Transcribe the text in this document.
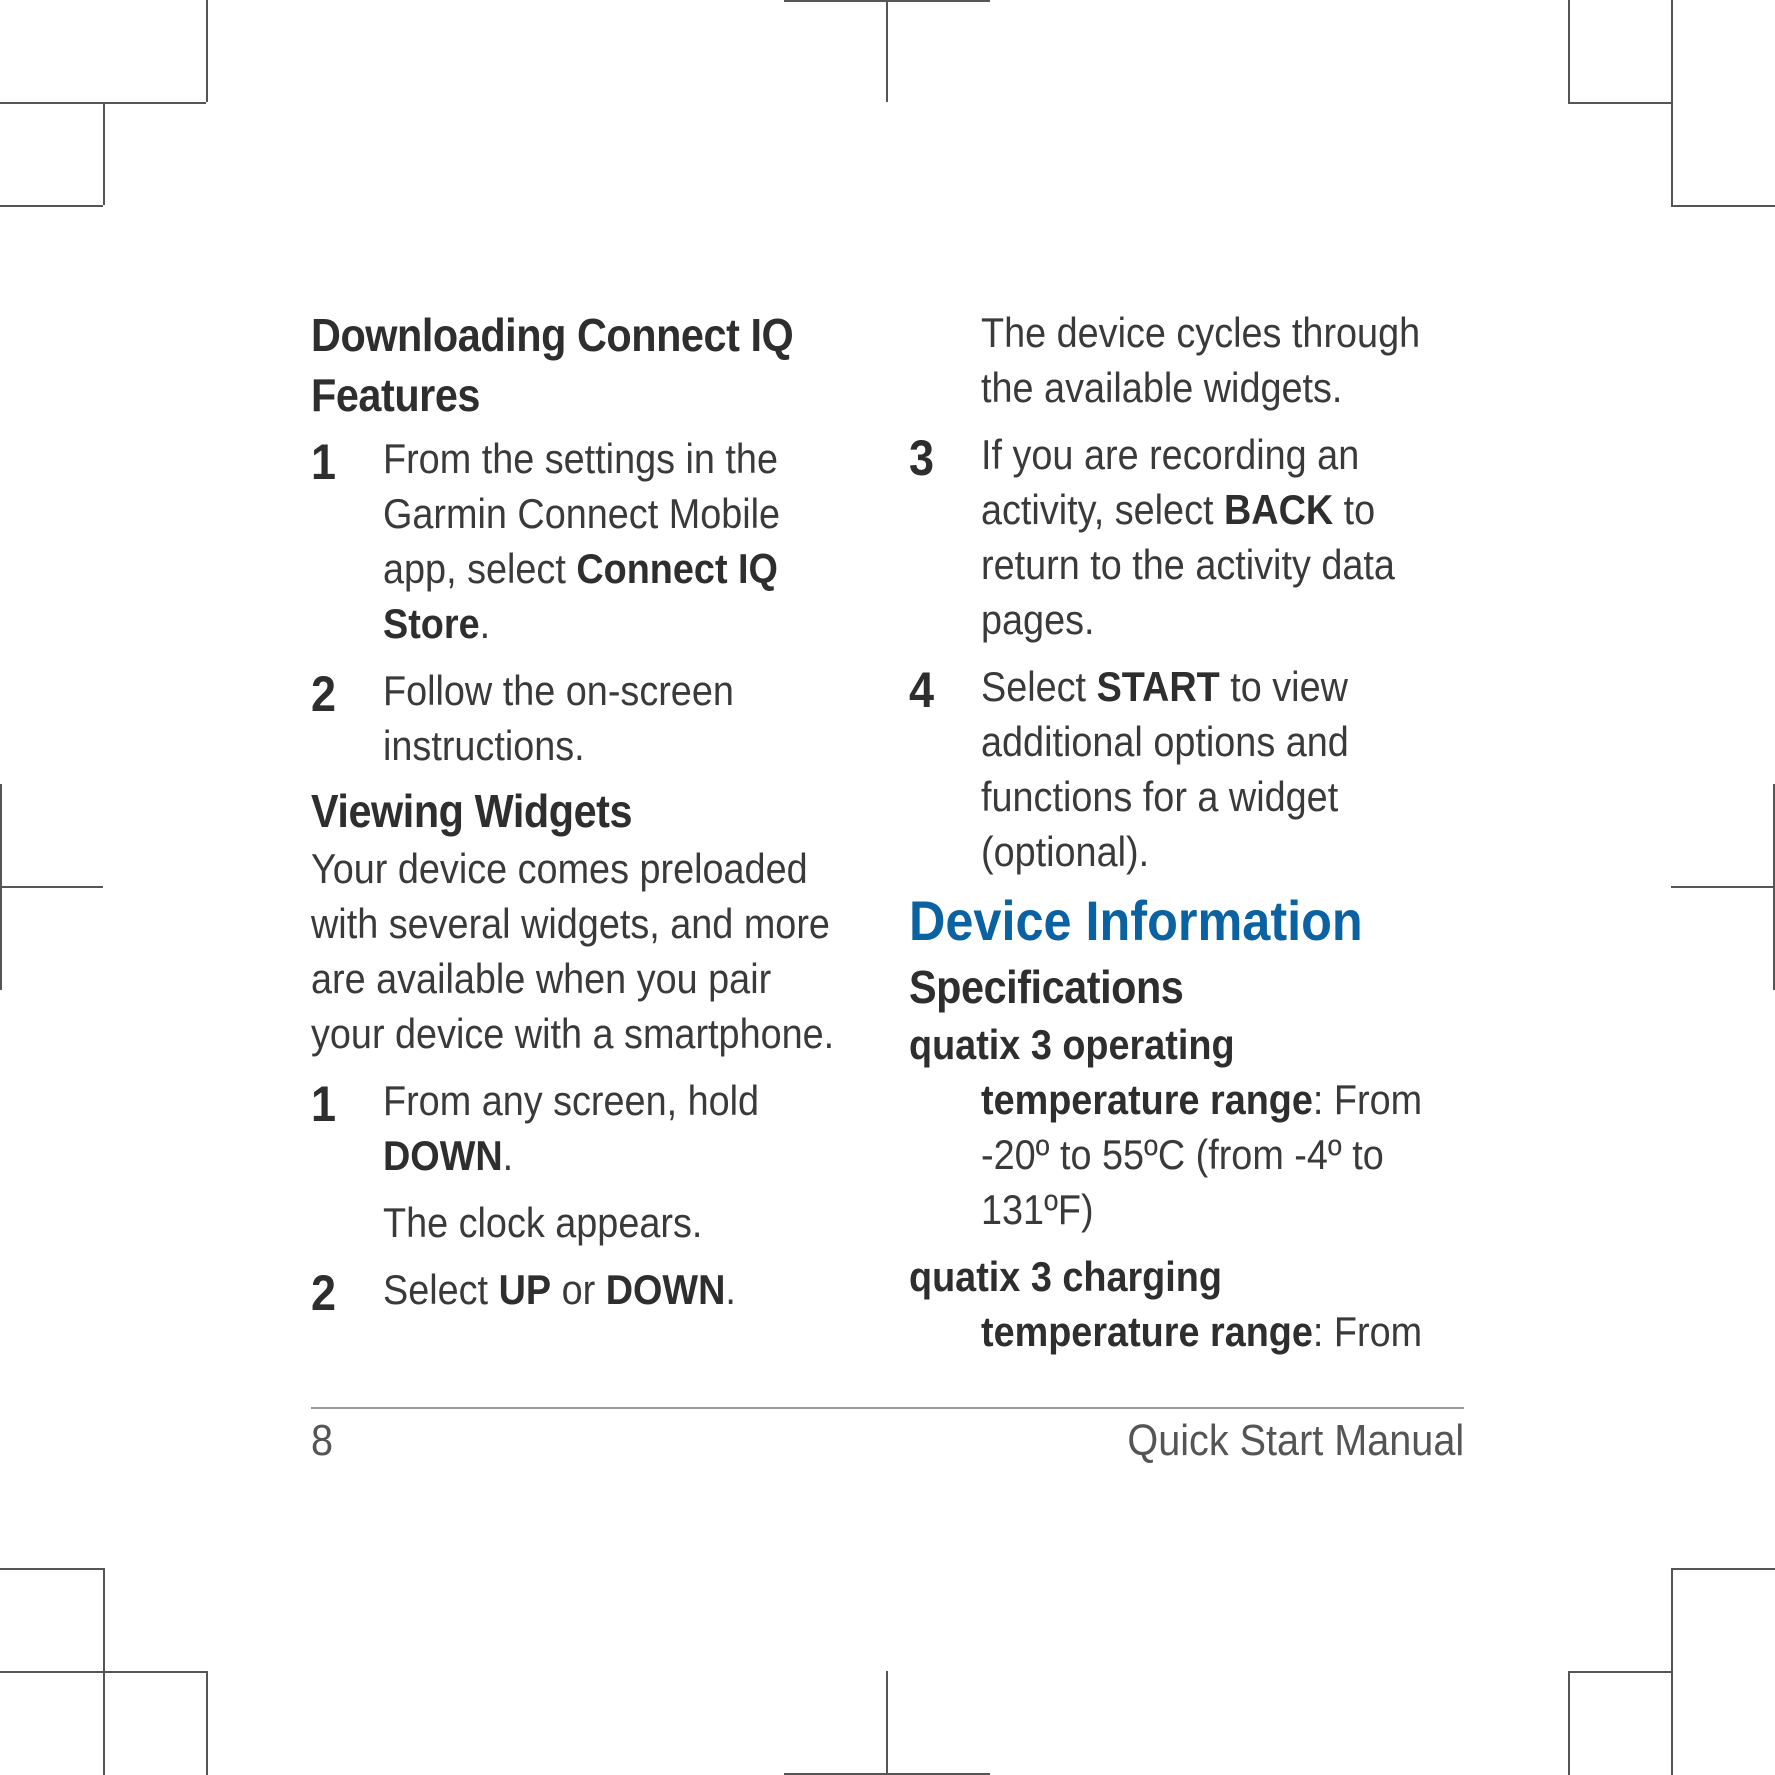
Downloading Connect IQ
Features
1 From the settings in the
Garmin Connect Mobile
app, select Connect IQ
Store.
2 Follow the on-screen
instructions.
Viewing Widgets
Your device comes preloaded
with several widgets, and more
are available when you pair
your device with a smartphone.
1 From any screen, hold
DOWN.
The clock appears.
2 Select UP or DOWN.
The device cycles through
the available widgets.
3 If you are recording an
activity, select BACK to
return to the activity data
pages.
4 Select START to view
additional options and
functions for a widget
(optional).
Device Information
Specifications
quatix 3 operating
temperature range: From
-20º to 55ºC (from -4º to
131ºF)
quatix 3 charging
temperature range: From
8	Quick Start Manual
